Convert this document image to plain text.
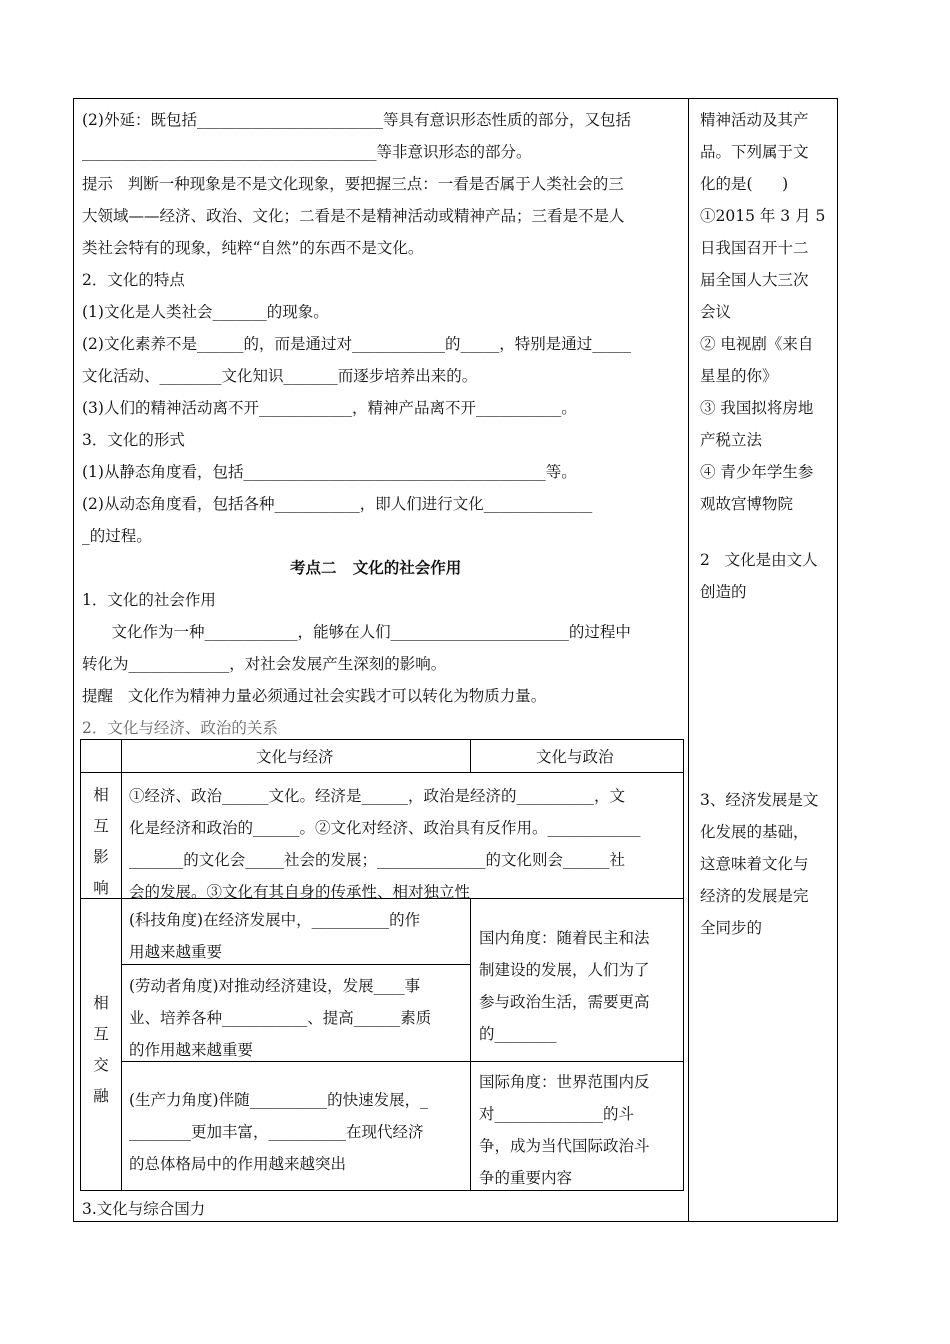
(2)外延：既包括________________________等具有意识形态性质的部分，又包括
______________________________________等非意识形态的部分。
提示   判断一种现象是不是文化现象，要把握三点：一看是否属于人类社会的三
大领域——经济、政治、文化；二看是不是精神活动或精神产品；三看是不是人
类社会特有的现象，纯粹“自然”的东西不是文化。
2．文化的特点
(1)文化是人类社会_______的现象。
(2)文化素养不是______的，而是通过对____________的_____，特别是通过_____
文化活动、________文化知识_______而逐步培养出来的。
(3)人们的精神活动离不开____________，精神产品离不开___________。
3．文化的形式
(1)从静态角度看，包括_______________________________________等。
(2)从动态角度看，包括各种___________，即人们进行文化______________
_的过程。
考点二   文化的社会作用
1．文化的社会作用
文化作为一种____________，能够在人们_______________________的过程中
转化为_____________，对社会发展产生深刻的影响。
提醒   文化作为精神力量必须通过社会实践才可以转化为物质力量。
2．文化与经济、政治的关系
文化与经济	文化与政治
相
互
影
响
①经济、政治______文化。经济是______，政治是经济的__________，文
化是经济和政治的______。②文化对经济、政治具有反作用。____________
_______的文化会_____社会的发展；______________的文化则会______社
会的发展。③文化有其自身的传承性、相对独立性
相
互
交
融
(科技角度)在经济发展中，__________的作
用越来越重要
(劳动者角度)对推动经济建设，发展____事
业、培养各种___________、提高______素质
的作用越来越重要
(生产力角度)伴随__________的快速发展，_
________更加丰富，__________在现代经济
的总体格局中的作用越来越突出
国内角度：随着民主和法
制建设的发展，人们为了
参与政治生活，需要更高
的________
国际角度：世界范围内反
对______________的斗
争，成为当代国际政治斗
争的重要内容
3.文化与综合国力
精神活动及其产
品。下列属于文
化的是(      )
①2015 年 3 月 5
日我国召开十二
届全国人大三次
会议
② 电视剧《来自
星星的你》
③ 我国拟将房地
产税立法
④ 青少年学生参
观故宫博物院
2   文化是由文人
创造的
3、经济发展是文
化发展的基础，
这意味着文化与
经济的发展是完
全同步的
